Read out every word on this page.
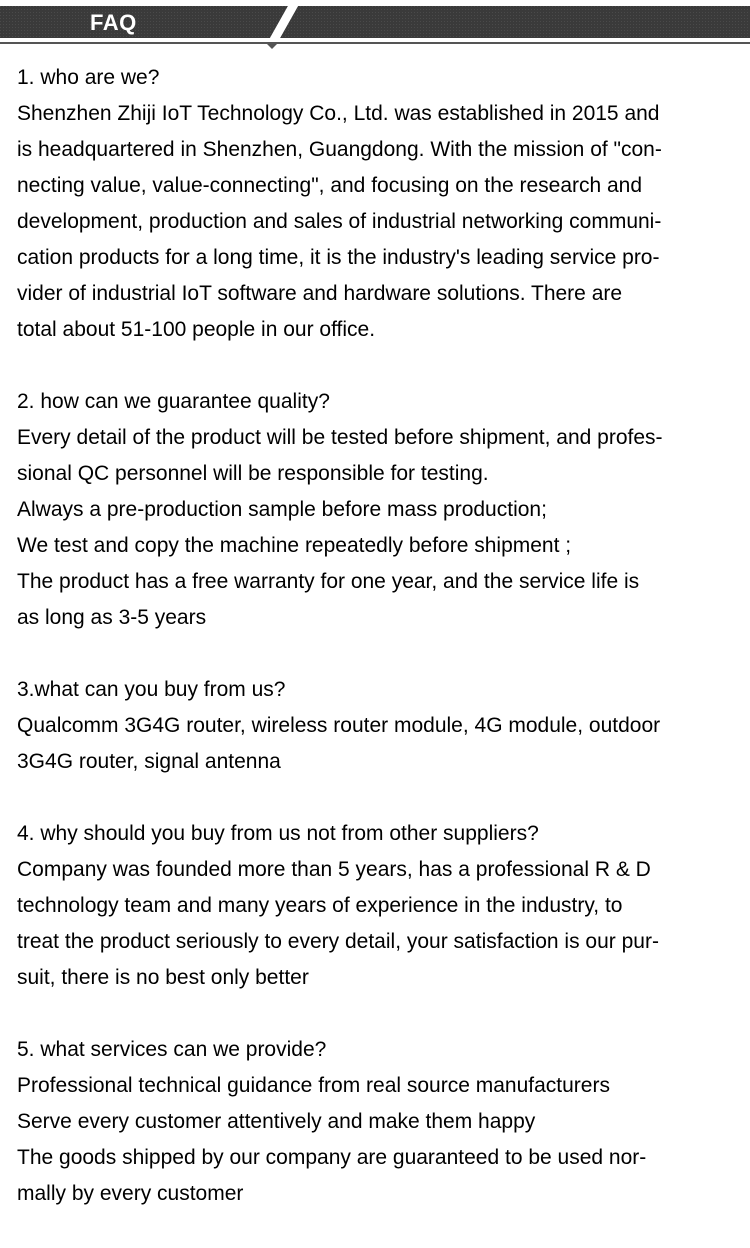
FAQ

1. who are we?

Shenzhen Zhiji IoT Technology Co., Ltd. was established in 2015 and

is headquartered in Shenzhen, Guangdong. With the mission of "con-

necting value, value-connecting", and focusing on the research and

development, production and sales of industrial networking communi-

cation products for a long time, it is the industry's leading service pro-

vider of industrial IoT software and hardware solutions. There are

total about 51-100 people in our office.

2. how can we guarantee quality?

Every detail of the product will be tested before shipment, and profes-

sional QC personnel will be responsible for testing.

Always a pre-production sample before mass production;

We test and copy the machine repeatedly before shipment ;

The product has a free warranty for one year, and the service life is

as long as 3-5 years

3.what can you buy from us?

Qualcomm 3G4G router, wireless router module, 4G module, outdoor

3G4G router, signal antenna

4. why should you buy from us not from other suppliers?

Company was founded more than 5 years, has a professional R & D

technology team and many years of experience in the industry, to

treat the product seriously to every detail, your satisfaction is our pur-

suit, there is no best only better

5. what services can we provide?

Professional technical guidance from real source manufacturers

Serve every customer attentively and make them happy

The goods shipped by our company are guaranteed to be used nor-

mally by every customer
